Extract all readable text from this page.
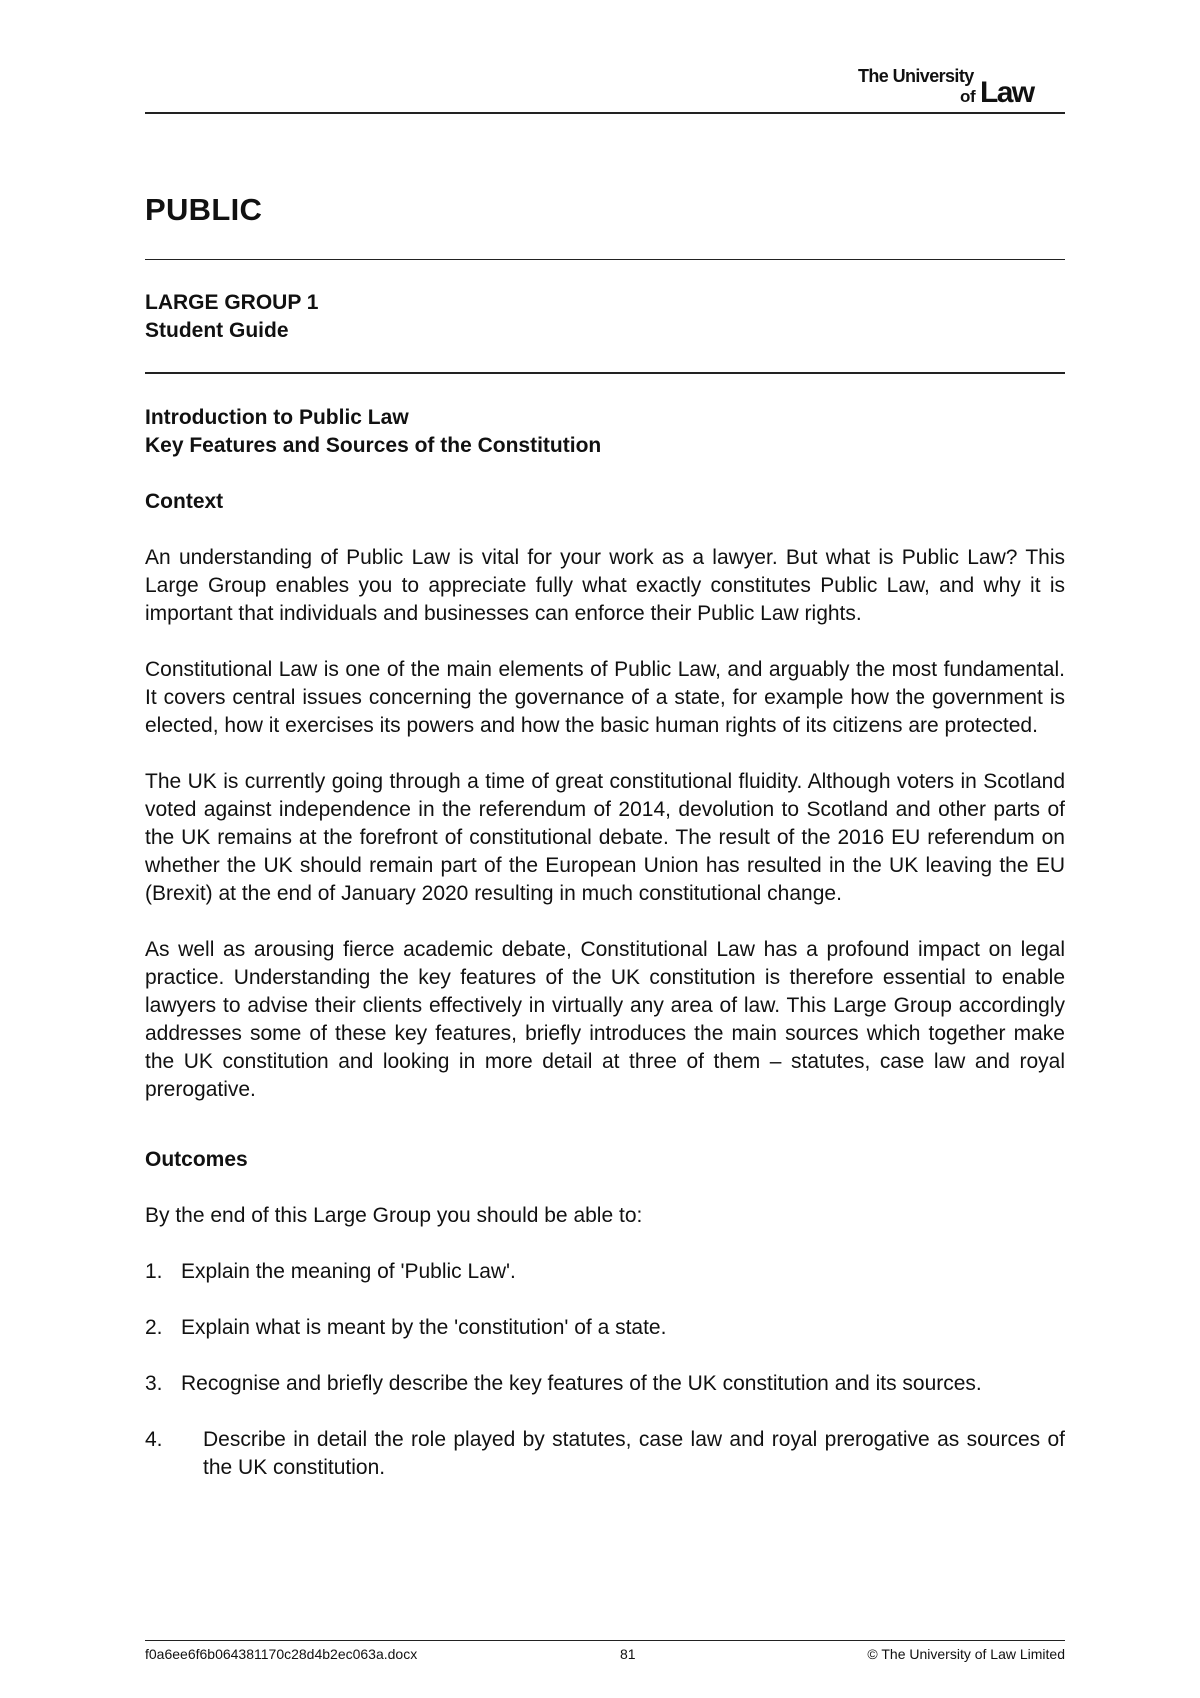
The University
of Law
PUBLIC
LARGE GROUP 1
Student Guide
Introduction to Public Law
Key Features and Sources of the Constitution
Context

An understanding of Public Law is vital for your work as a lawyer. But what is Public Law? This Large Group enables you to appreciate fully what exactly constitutes Public Law, and why it is important that individuals and businesses can enforce their Public Law rights.

Constitutional Law is one of the main elements of Public Law, and arguably the most fundamental. It covers central issues concerning the governance of a state, for example how the government is elected, how it exercises its powers and how the basic human rights of its citizens are protected.

The UK is currently going through a time of great constitutional fluidity. Although voters in Scotland voted against independence in the referendum of 2014, devolution to Scotland and other parts of the UK remains at the forefront of constitutional debate. The result of the 2016 EU referendum on whether the UK should remain part of the European Union has resulted in the UK leaving the EU (Brexit) at the end of January 2020 resulting in much constitutional change.

As well as arousing fierce academic debate, Constitutional Law has a profound impact on legal practice. Understanding the key features of the UK constitution is therefore essential to enable lawyers to advise their clients effectively in virtually any area of law. This Large Group accordingly addresses some of these key features, briefly introduces the main sources which together make the UK constitution and looking in more detail at three of them – statutes, case law and royal prerogative.

Outcomes

By the end of this Large Group you should be able to:

1. Explain the meaning of 'Public Law'.
2. Explain what is meant by the 'constitution' of a state.
3. Recognise and briefly describe the key features of the UK constitution and its sources.
4.	Describe in detail the role played by statutes, case law and royal prerogative as sources of the UK constitution.
f0a6ee6f6b064381170c28d4b2ec063a.docx	81	© The University of Law Limited
